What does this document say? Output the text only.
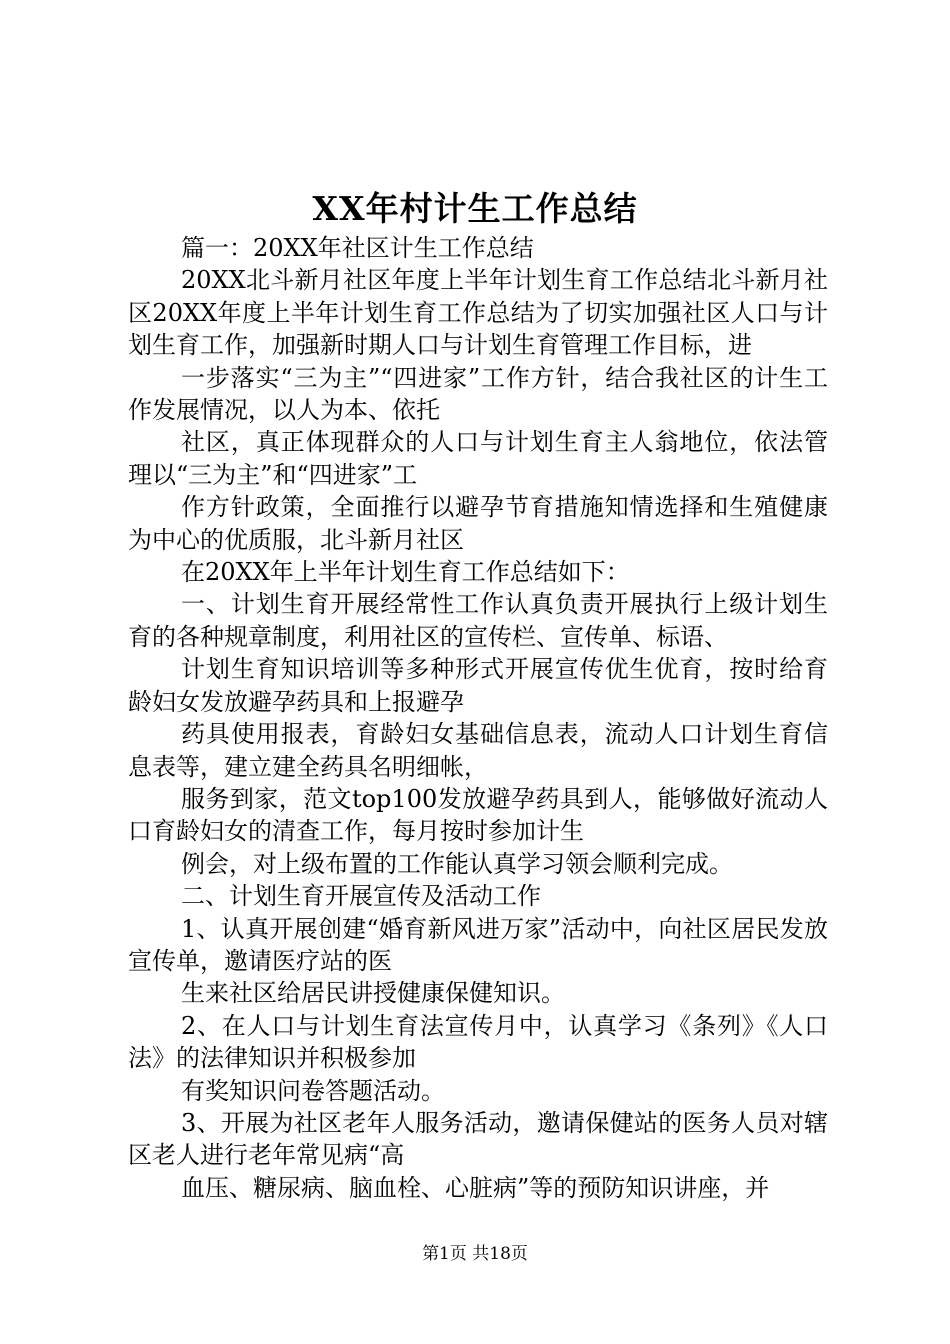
XX年村计生工作总结

篇一：20XX年社区计生工作总结

20XX北斗新月社区年度上半年计划生育工作总结北斗新月社区20XX年度上半年计划生育工作总结为了切实加强社区人口与计划生育工作，加强新时期人口与计划生育管理工作目标，进

一步落实“三为主”“四进家”工作方针，结合我社区的计生工作发展情况，以人为本、依托

社区，真正体现群众的人口与计划生育主人翁地位，依法管理以“三为主”和“四进家”工

作方针政策，全面推行以避孕节育措施知情选择和生殖健康为中心的优质服，北斗新月社区

在20XX年上半年计划生育工作总结如下：

一、计划生育开展经常性工作认真负责开展执行上级计划生育的各种规章制度，利用社区的宣传栏、宣传单、标语、

计划生育知识培训等多种形式开展宣传优生优育，按时给育龄妇女发放避孕药具和上报避孕

药具使用报表，育龄妇女基础信息表，流动人口计划生育信息表等，建立建全药具名明细帐，

服务到家，范文top100发放避孕药具到人，能够做好流动人口育龄妇女的清查工作，每月按时参加计生

例会，对上级布置的工作能认真学习领会顺利完成。

二、计划生育开展宣传及活动工作

1、认真开展创建“婚育新风进万家”活动中，向社区居民发放宣传单，邀请医疗站的医

生来社区给居民讲授健康保健知识。

2、在人口与计划生育法宣传月中，认真学习《条列》《人口法》的法律知识并积极参加

有奖知识问卷答题活动。

3、开展为社区老年人服务活动，邀请保健站的医务人员对辖区老人进行老年常见病“高

血压、糖尿病、脑血栓、心脏病”等的预防知识讲座，并

第1页 共18页
